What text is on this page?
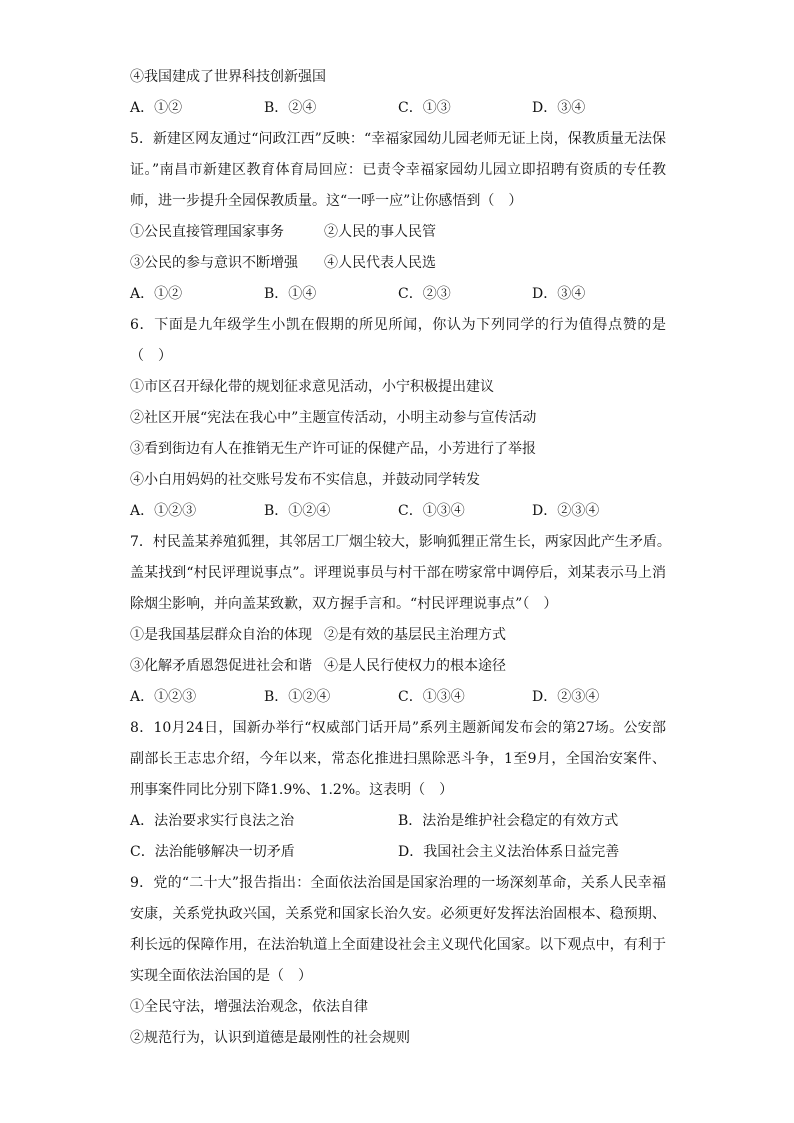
④我国建成了世界科技创新强国
A．①②	B．②④	C．①③	D．③④
5．新建区网友通过“问政江西”反映：“幸福家园幼儿园老师无证上岗，保教质量无法保
证。”南昌市新建区教育体育局回应：已责令幸福家园幼儿园立即招聘有资质的专任教
师，进一步提升全园保教质量。这“一呼一应”让你感悟到（　）
①公民直接管理国家事务	②人民的事人民管
③公民的参与意识不断增强	④人民代表人民选
A．①②	B．①④	C．②③	D．③④
6．下面是九年级学生小凯在假期的所见所闻，你认为下列同学的行为值得点赞的是
（　）
①市区召开绿化带的规划征求意见活动，小宁积极提出建议
②社区开展“宪法在我心中”主题宣传活动，小明主动参与宣传活动
③看到街边有人在推销无生产许可证的保健产品，小芳进行了举报
④小白用妈妈的社交账号发布不实信息，并鼓动同学转发
A．①②③	B．①②④	C．①③④	D．②③④
7．村民盖某养殖狐狸，其邻居工厂烟尘较大，影响狐狸正常生长，两家因此产生矛盾。
盖某找到“村民评理说事点”。评理说事员与村干部在唠家常中调停后，刘某表示马上消
除烟尘影响，并向盖某致歉，双方握手言和。“村民评理说事点”（　）
①是我国基层群众自治的体现 ②是有效的基层民主治理方式
③化解矛盾恩怨促进社会和谐 ④是人民行使权力的根本途径
A．①②③	B．①②④	C．①③④	D．②③④
8．10月24日，国新办举行“权威部门话开局”系列主题新闻发布会的第27场。公安部
副部长王志忠介绍，今年以来，常态化推进扫黑除恶斗争，1至9月，全国治安案件、
刑事案件同比分别下降1.9%、1.2%。这表明（　）
A．法治要求实行良法之治	B．法治是维护社会稳定的有效方式
C．法治能够解决一切矛盾	D．我国社会主义法治体系日益完善
9．党的“二十大”报告指出：全面依法治国是国家治理的一场深刻革命，关系人民幸福
安康，关系党执政兴国，关系党和国家长治久安。必须更好发挥法治固根本、稳预期、
利长远的保障作用，在法治轨道上全面建设社会主义现代化国家。以下观点中，有利于
实现全面依法治国的是（　）
①全民守法，增强法治观念，依法自律
②规范行为，认识到道德是最刚性的社会规则
